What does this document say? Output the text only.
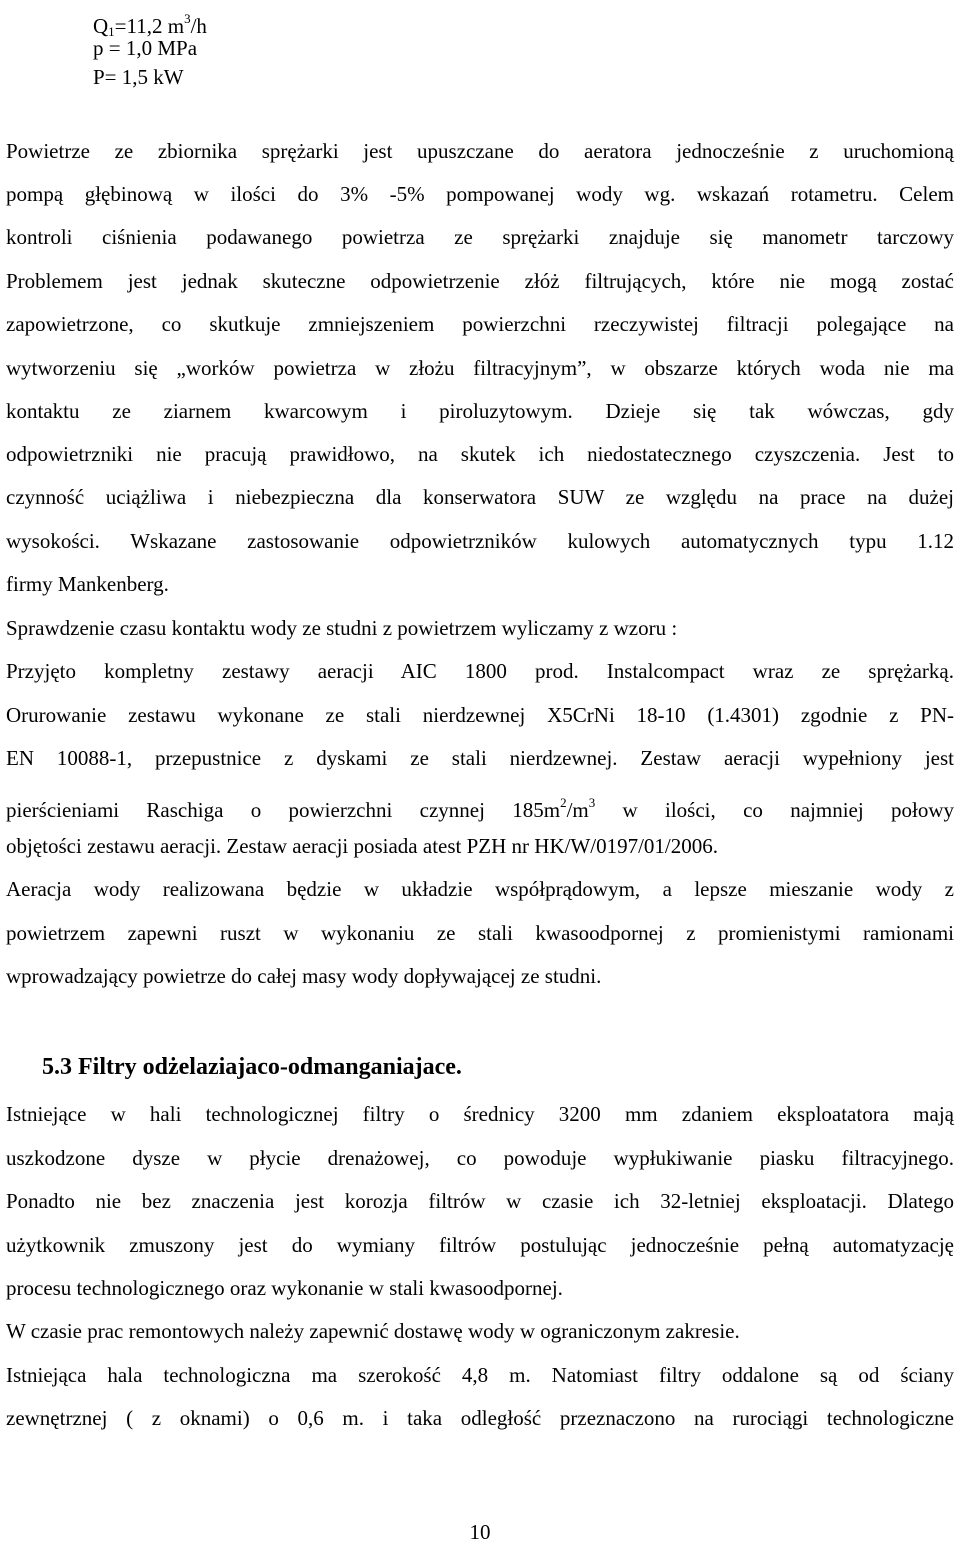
$Q_1=11,2$ $m^3/h$
p = 1,0 MPa
P= 1,5 kW
Powietrze ze zbiornika sprężarki jest upuszczane do aeratora jednocześnie z uruchomioną
pompą głębinową w ilości do 3% -5% pompowanej wody wg. wskazań rotametru. Celem
kontroli ciśnienia podawanego powietrza ze sprężarki znajduje się manometr tarczowy
Problemem jest jednak skuteczne odpowietrzenie złóż filtrujących, które nie mogą zostać
zapowietrzone, co skutkuje zmniejszeniem powierzchni rzeczywistej filtracji polegające na
wytworzeniu się „worków powietrza w złożu filtracyjnym”, w obszarze których woda nie ma
kontaktu ze ziarnem kwarcowym i piroluzytowym. Dzieje się tak wówczas, gdy
odpowietrzniki nie pracują prawidłowo, na skutek ich niedostatecznego czyszczenia. Jest to
czynność uciążliwa i niebezpieczna dla konserwatora SUW ze względu na prace na dużej
wysokości. Wskazane zastosowanie odpowietrzników kulowych automatycznych typu 1.12
firmy Mankenberg.
Sprawdzenie czasu kontaktu wody ze studni z powietrzem wyliczamy z wzoru :
Przyjęto kompletny zestawy aeracji AIC 1800 prod. Instalcompact wraz ze sprężarką.
Orurowanie zestawu wykonane ze stali nierdzewnej X5CrNi 18-10 (1.4301) zgodnie z PN-
EN 10088-1, przepustnice z dyskami ze stali nierdzewnej. Zestaw aeracji wypełniony jest
pierścieniami Raschiga o powierzchni czynnej $185m^2/m^3$ w ilości, co najmniej połowy
objętości zestawu aeracji. Zestaw aeracji posiada atest PZH nr HK/W/0197/01/2006.
Aeracja wody realizowana będzie w układzie współprądowym, a lepsze mieszanie wody z
powietrzem zapewni ruszt w wykonaniu ze stali kwasoodpornej z promienistymi ramionami
wprowadzający powietrze do całej masy wody dopływającej ze studni.
5.3 Filtry odżelaziajaco-odmanganiajace.
Istniejące w hali technologicznej filtry o średnicy 3200 mm zdaniem eksploatatora mają
uszkodzone dysze w płycie drenażowej, co powoduje wypłukiwanie piasku filtracyjnego.
Ponadto nie bez znaczenia jest korozja filtrów w czasie ich 32-letniej eksploatacji. Dlatego
użytkownik zmuszony jest do wymiany filtrów postulując jednocześnie pełną automatyzację
procesu technologicznego oraz wykonanie w stali kwasoodpornej.
W czasie prac remontowych należy zapewnić dostawę wody w ograniczonym zakresie.
Istniejąca hala technologiczna ma szerokość 4,8 m. Natomiast filtry oddalone są od ściany
zewnętrznej ( z oknami) o 0,6 m. i taka odległość przeznaczono na rurociągi technologiczne
10
